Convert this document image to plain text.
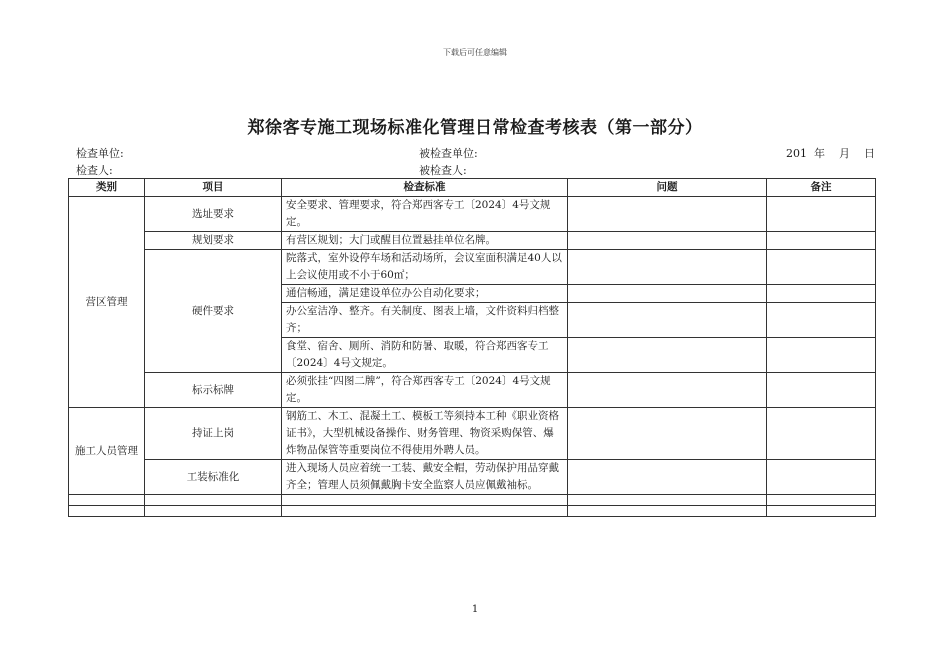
下载后可任意编辑
郑徐客专施工现场标准化管理日常检查考核表（第一部分）
检查单位:	被检查单位:	201  年    月    日
检查人:	被检查人:
类别	项目	检查标准	问题	备注
营区管理	选址要求	安全要求、管理要求，符合郑西客专工〔2024〕4号文规定。		
	规划要求	有营区规划；大门或醒目位置悬挂单位名牌。		
	硬件要求	院落式，室外设停车场和活动场所，会议室面积满足40人以上会议使用或不小于60㎡；		
		通信畅通，满足建设单位办公自动化要求；		
		办公室洁净、整齐。有关制度、图表上墙，文件资料归档整齐；		
		食堂、宿舍、厕所、消防和防暑、取暖，符合郑西客专工〔2024〕4号文规定。		
	标示标牌	必须张挂“四图二牌”，符合郑西客专工〔2024〕4号文规定。		
施工人员管理	持证上岗	钢筋工、木工、混凝土工、模板工等须持本工种《职业资格证书》，大型机械设备操作、财务管理、物资采购保管、爆炸物品保管等重要岗位不得使用外聘人员。		
	工装标准化	进入现场人员应着统一工装、戴安全帽，劳动保护用品穿戴齐全；管理人员须佩戴胸卡安全监察人员应佩戴袖标。		

1
